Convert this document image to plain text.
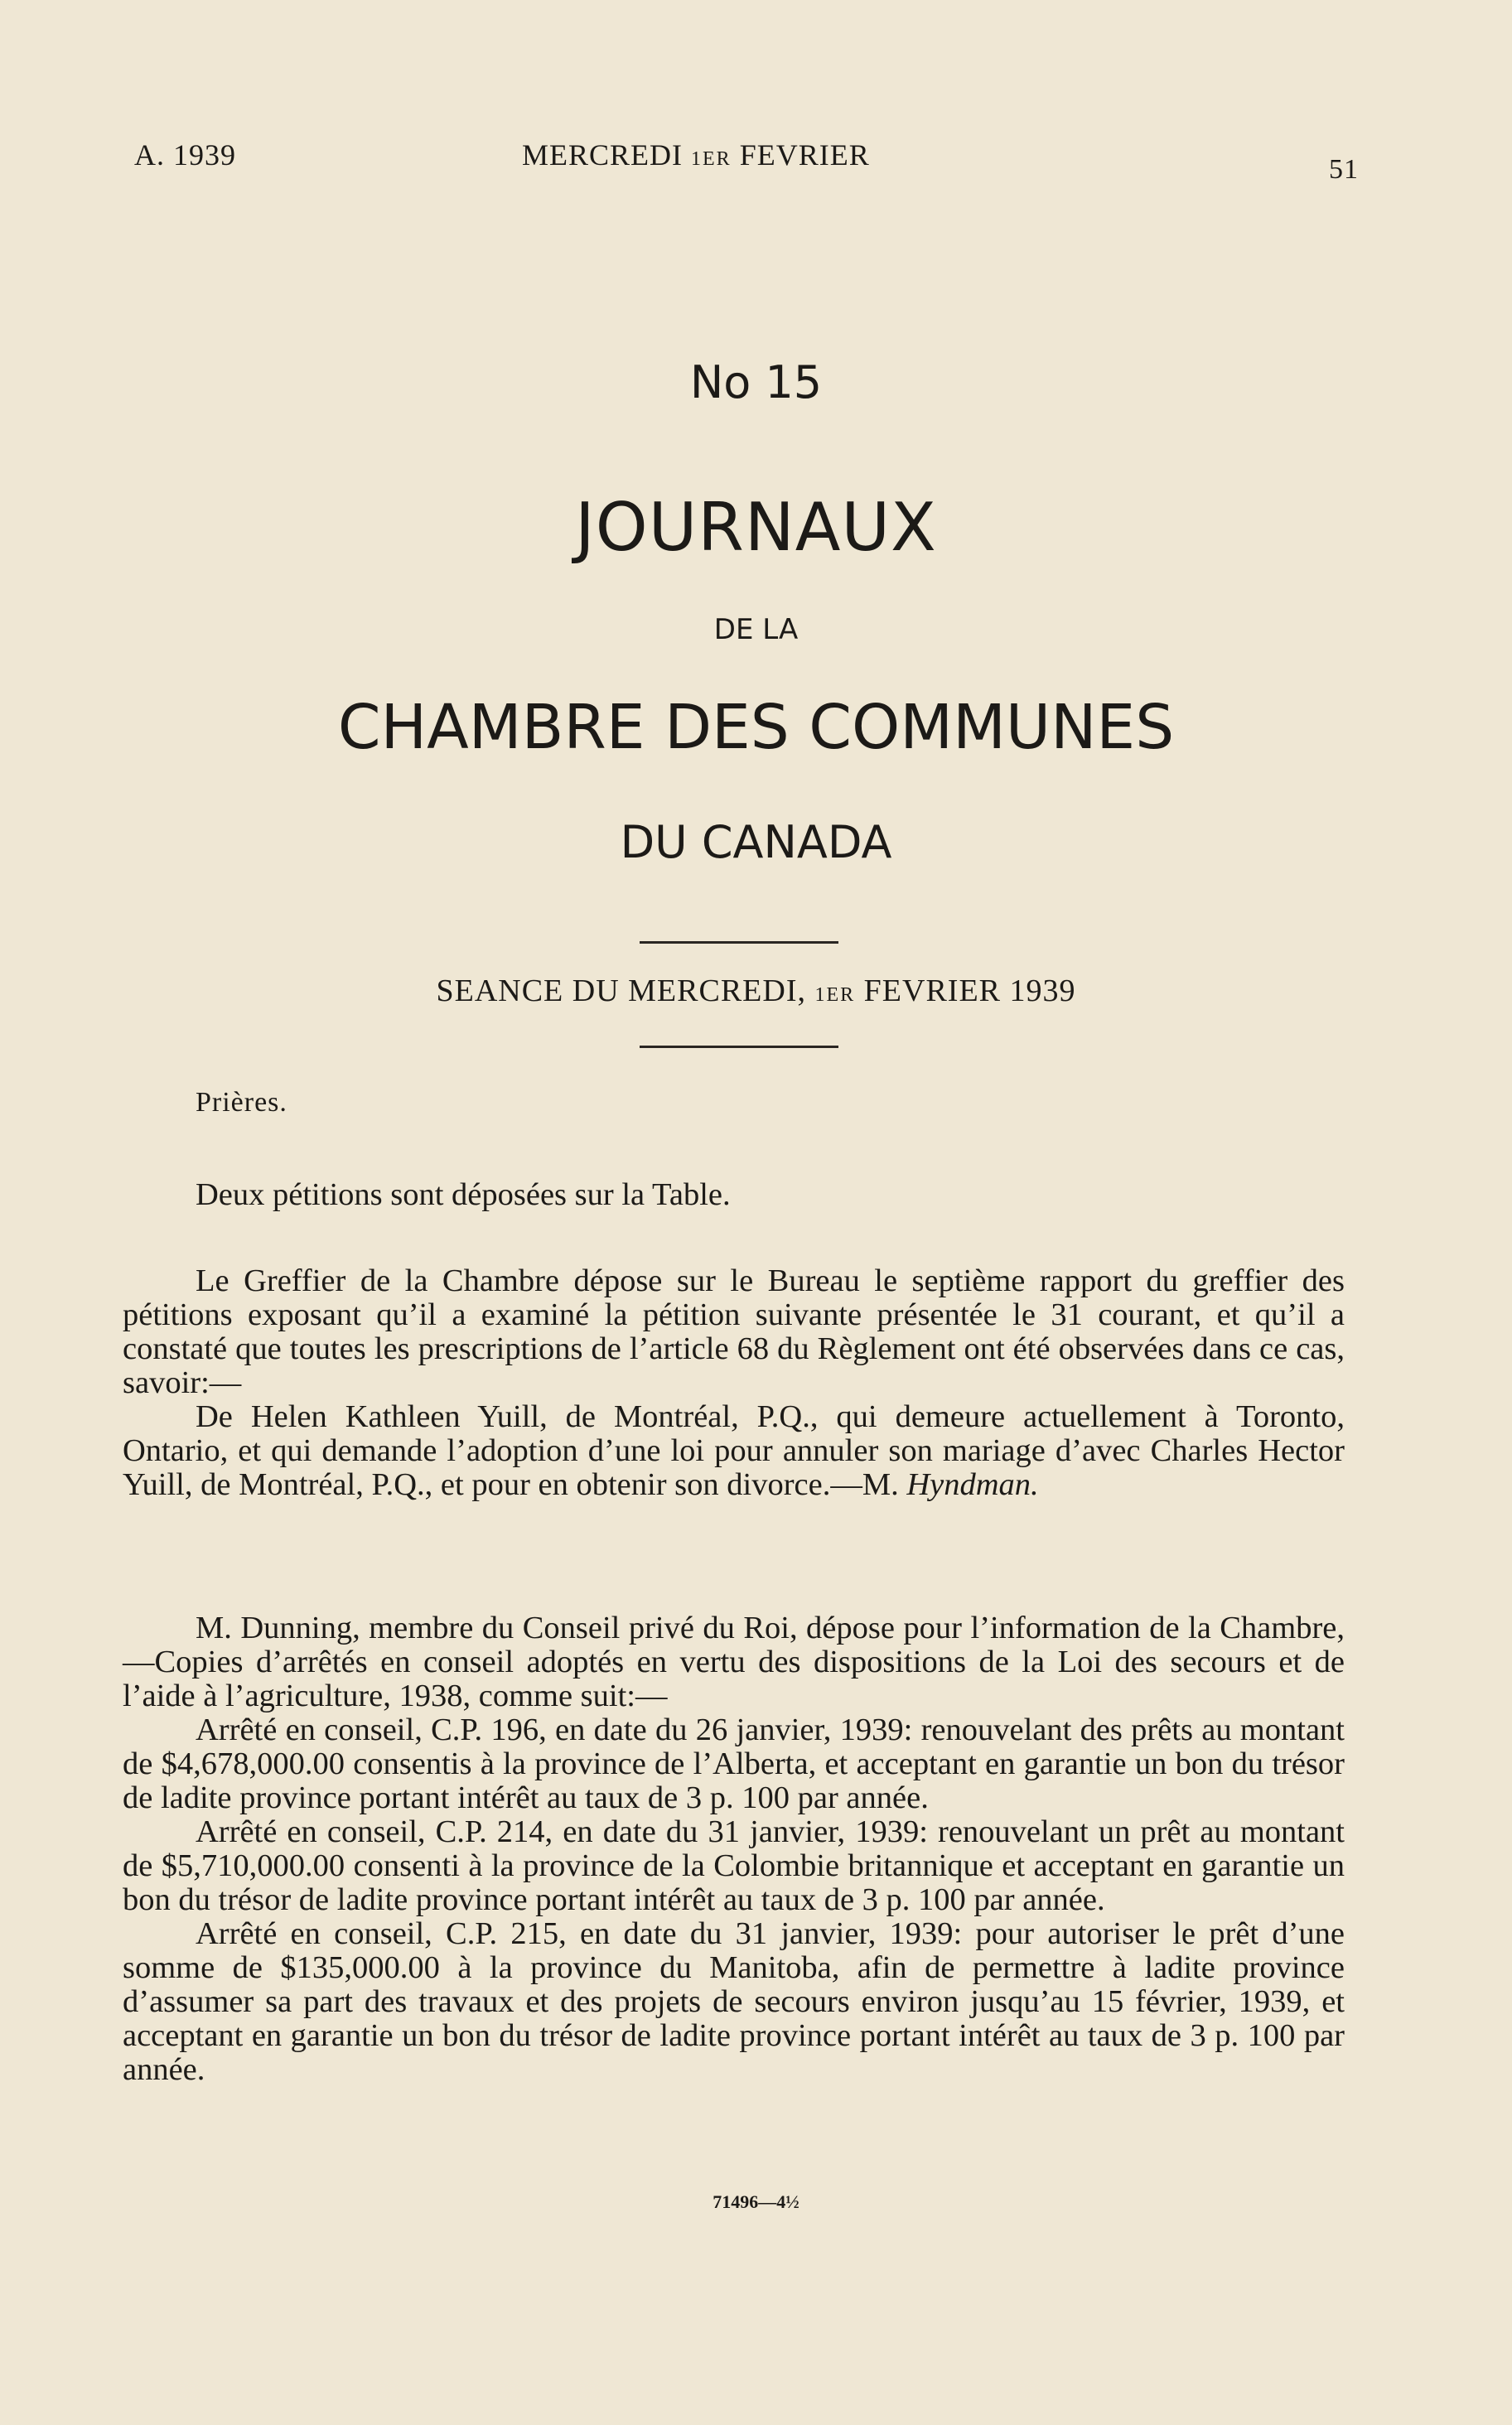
A. 1939	MERCREDI 1ER FEVRIER	51
No 15
JOURNAUX
DE LA
CHAMBRE DES COMMUNES
DU CANADA
SEANCE DU MERCREDI, 1ER FEVRIER 1939
Prières.

Deux pétitions sont déposées sur la Table.

Le Greffier de la Chambre dépose sur le Bureau le septième rapport du greffier des pétitions exposant qu’il a examiné la pétition suivante présentée le 31 courant, et qu’il a constaté que toutes les prescriptions de l’article 68 du Règlement ont été observées dans ce cas, savoir:—

De Helen Kathleen Yuill, de Montréal, P.Q., qui demeure actuellement à Toronto, Ontario, et qui demande l’adoption d’une loi pour annuler son mariage d’avec Charles Hector Yuill, de Montréal, P.Q., et pour en obtenir son divorce.—M. Hyndman.

M. Dunning, membre du Conseil privé du Roi, dépose pour l’information de la Chambre,—Copies d’arrêtés en conseil adoptés en vertu des dispositions de la Loi des secours et de l’aide à l’agriculture, 1938, comme suit:—

Arrêté en conseil, C.P. 196, en date du 26 janvier, 1939: renouvelant des prêts au montant de $4,678,000.00 consentis à la province de l’Alberta, et acceptant en garantie un bon du trésor de ladite province portant intérêt au taux de 3 p. 100 par année.

Arrêté en conseil, C.P. 214, en date du 31 janvier, 1939: renouvelant un prêt au montant de $5,710,000.00 consenti à la province de la Colombie britannique et acceptant en garantie un bon du trésor de ladite province portant intérêt au taux de 3 p. 100 par année.

Arrêté en conseil, C.P. 215, en date du 31 janvier, 1939: pour autoriser le prêt d’une somme de $135,000.00 à la province du Manitoba, afin de permettre à ladite province d’assumer sa part des travaux et des projets de secours environ jusqu’au 15 février, 1939, et acceptant en garantie un bon du trésor de ladite province portant intérêt au taux de 3 p. 100 par année.

71496—4½
